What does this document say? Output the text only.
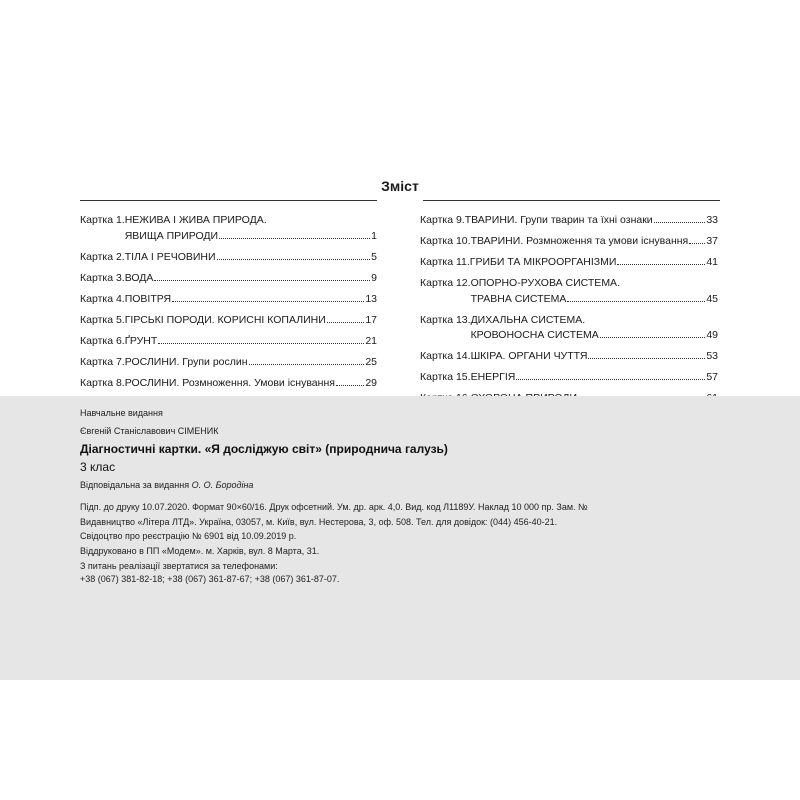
Зміст
Картка 1. НЕЖИВА І ЖИВА ПРИРОДА.
ЯВИЩА ПРИРОДИ	1
Картка 2. ТІЛА І РЕЧОВИНИ	5
Картка 3. ВОДА	9
Картка 4. ПОВІТРЯ	13
Картка 5. ГІРСЬКІ ПОРОДИ. КОРИСНІ КОПАЛИНИ	17
Картка 6. ҐРУНТ	21
Картка 7. РОСЛИНИ. Групи рослин	25
Картка 8. РОСЛИНИ. Розмноження. Умови існування	29
Картка 9. ТВАРИНИ. Групи тварин та їхні ознаки	33
Картка 10. ТВАРИНИ. Розмноження та умови існування 37
Картка 11. ГРИБИ ТА МІКРООРГАНІЗМИ	41
Картка 12. ОПОРНО-РУХОВА СИСТЕМА.
ТРАВНА СИСТЕМА	45
Картка 13. ДИХАЛЬНА СИСТЕМА.
КРОВОНОСНА СИСТЕМА	49
Картка 14. ШКІРА. ОРГАНИ ЧУТТЯ	53
Картка 15. ЕНЕРГІЯ	57
Навчальне видання
Євгеній Станіславович СІМЕНИК
Діагностичні картки. «Я досліджую світ» (природнича галузь)
3 клас
Відповідальна за видання О. О. Бородіна
Підп. до друку 10.07.2020. Формат 90×60/16. Друк офсетний. Ум. др. арк. 4,0. Вид. код Л1189У. Наклад 10 000 пр. Зам. №
Видавництво «Літера ЛТД». Україна, 03057, м. Київ, вул. Нестерова, 3, оф. 508. Тел. для довідок: (044) 456-40-21.
Свідоцтво про реєстрацію № 6901 від 10.09.2019 р.
Віддруковано в ПП «Модем». м. Харків, вул. 8 Марта, 31.
З питань реалізації звертатися за телефонами:
+38 (067) 381-82-18; +38 (067) 361-87-67; +38 (067) 361-87-07.
